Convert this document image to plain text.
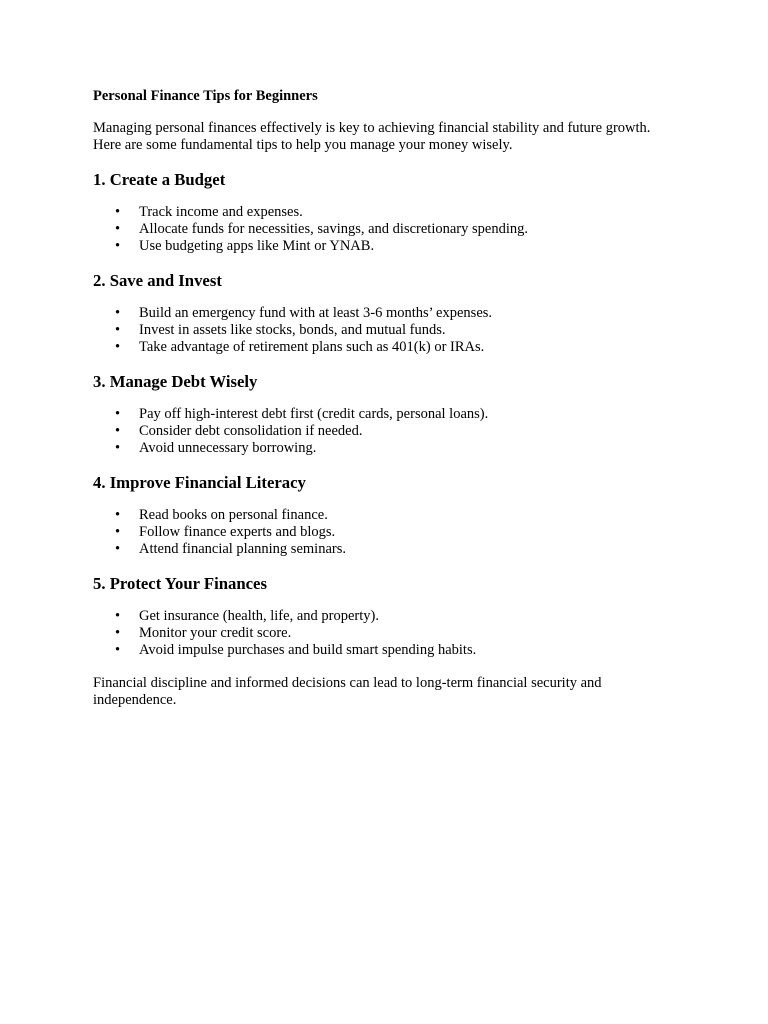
Personal Finance Tips for Beginners

Managing personal finances effectively is key to achieving financial stability and future growth. Here are some fundamental tips to help you manage your money wisely.

1. Create a Budget
• Track income and expenses.
• Allocate funds for necessities, savings, and discretionary spending.
• Use budgeting apps like Mint or YNAB.
2. Save and Invest
• Build an emergency fund with at least 3-6 months’ expenses.
• Invest in assets like stocks, bonds, and mutual funds.
• Take advantage of retirement plans such as 401(k) or IRAs.
3. Manage Debt Wisely
• Pay off high-interest debt first (credit cards, personal loans).
• Consider debt consolidation if needed.
• Avoid unnecessary borrowing.
4. Improve Financial Literacy
• Read books on personal finance.
• Follow finance experts and blogs.
• Attend financial planning seminars.
5. Protect Your Finances
• Get insurance (health, life, and property).
• Monitor your credit score.
• Avoid impulse purchases and build smart spending habits.

Financial discipline and informed decisions can lead to long-term financial security and independence.
